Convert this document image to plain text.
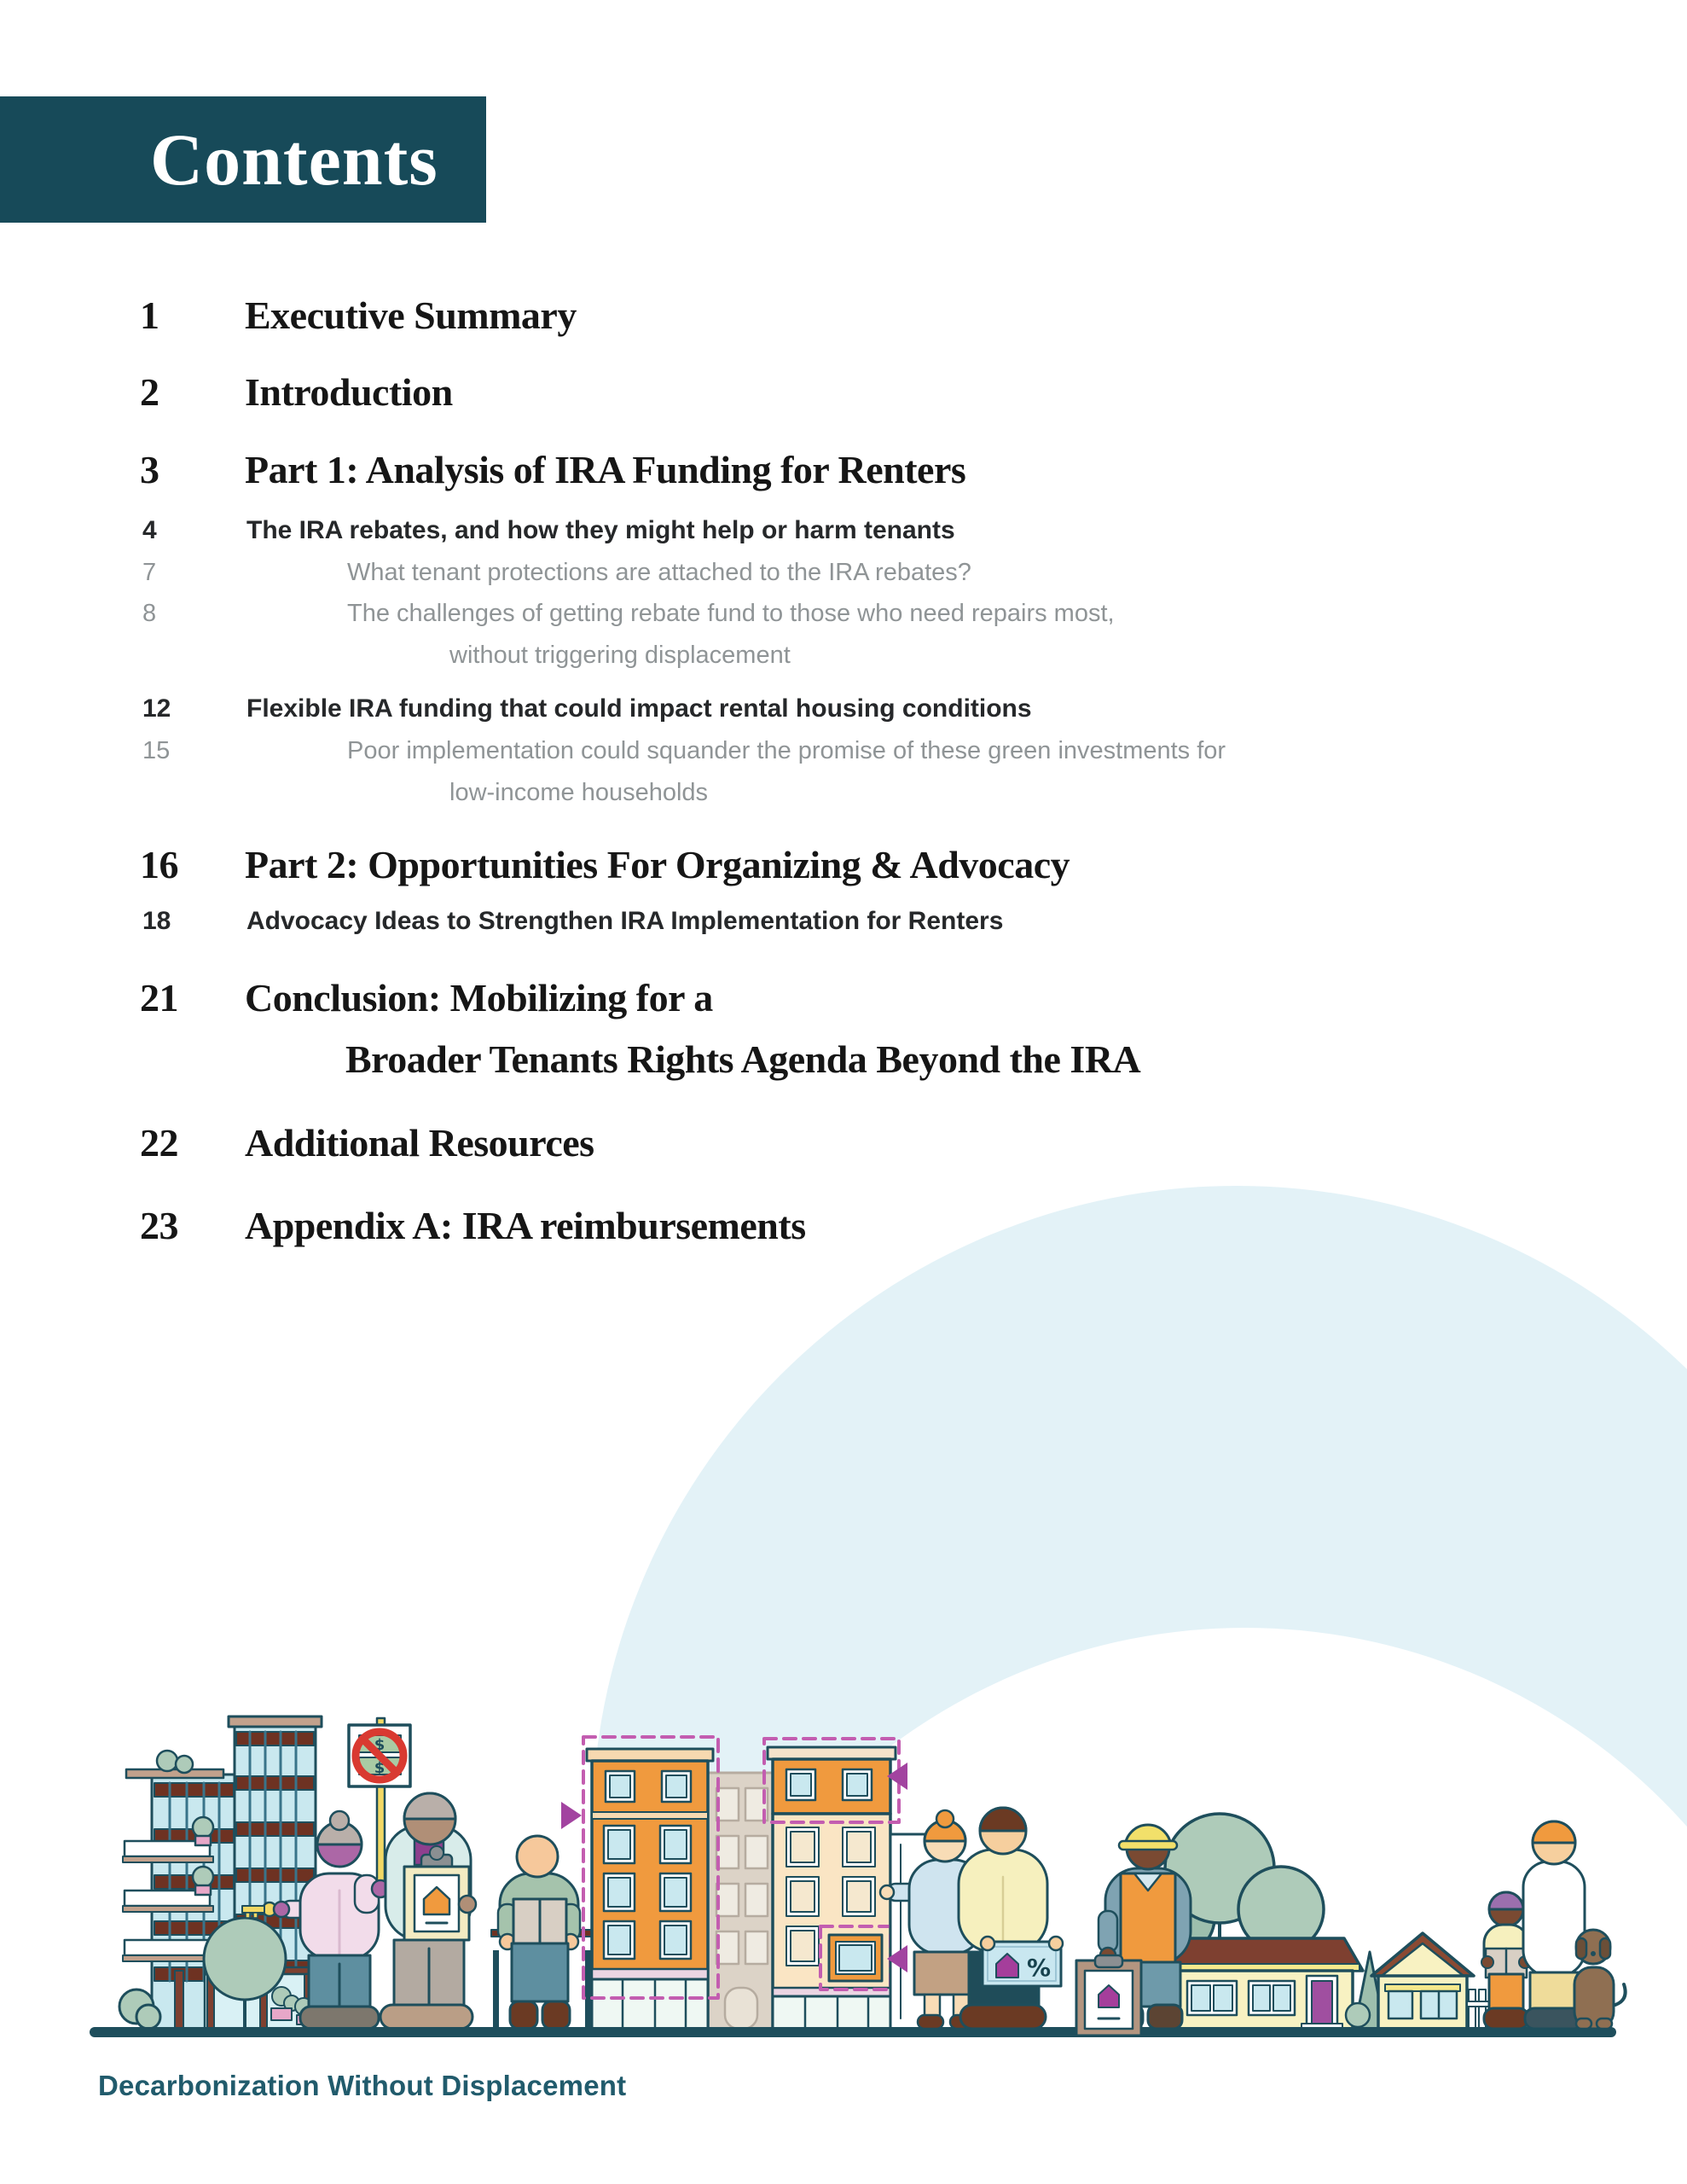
$
$
%
Contents
1 Executive Summary
2 Introduction
3 Part 1: Analysis of IRA Funding for Renters
4	The IRA rebates, and how they might help or harm tenants
7	What tenant protections are attached to the IRA rebates?
8	The challenges of getting rebate fund to those who need repairs most,
without triggering displacement
12	Flexible IRA funding that could impact rental housing conditions
15	Poor implementation could squander the promise of these green investments for
low-income households
16 Part 2: Opportunities For Organizing & Advocacy
18	Advocacy Ideas to Strengthen IRA Implementation for Renters
21 Conclusion: Mobilizing for a
Broader Tenants Rights Agenda Beyond the IRA
22 Additional Resources
23 Appendix A: IRA reimbursements
Decarbonization Without Displacement
